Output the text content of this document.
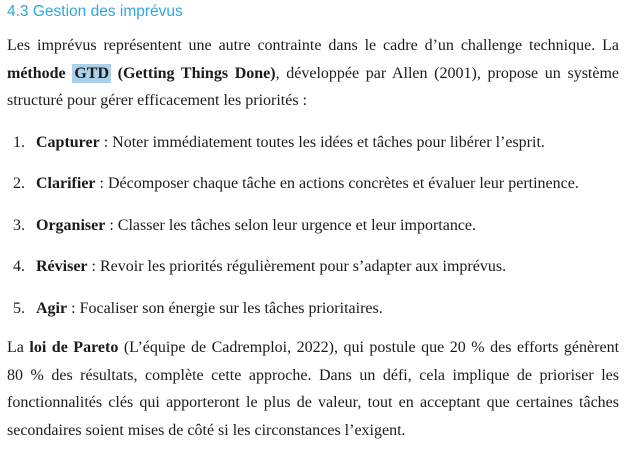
4.3 Gestion des imprévus

Les imprévus représentent une autre contrainte dans le cadre d’un challenge technique. La méthode GTD (Getting Things Done), développée par Allen (2001), propose un système structuré pour gérer efficacement les priorités :

1. Capturer : Noter immédiatement toutes les idées et tâches pour libérer l’esprit.
2. Clarifier : Décomposer chaque tâche en actions concrètes et évaluer leur pertinence.
3. Organiser : Classer les tâches selon leur urgence et leur importance.
4. Réviser : Revoir les priorités régulièrement pour s’adapter aux imprévus.
5. Agir : Focaliser son énergie sur les tâches prioritaires.

La loi de Pareto (L’équipe de Cadremploi, 2022), qui postule que 20 % des efforts génèrent 80 % des résultats, complète cette approche. Dans un défi, cela implique de prioriser les fonctionnalités clés qui apporteront le plus de valeur, tout en acceptant que certaines tâches secondaires soient mises de côté si les circonstances l’exigent.
